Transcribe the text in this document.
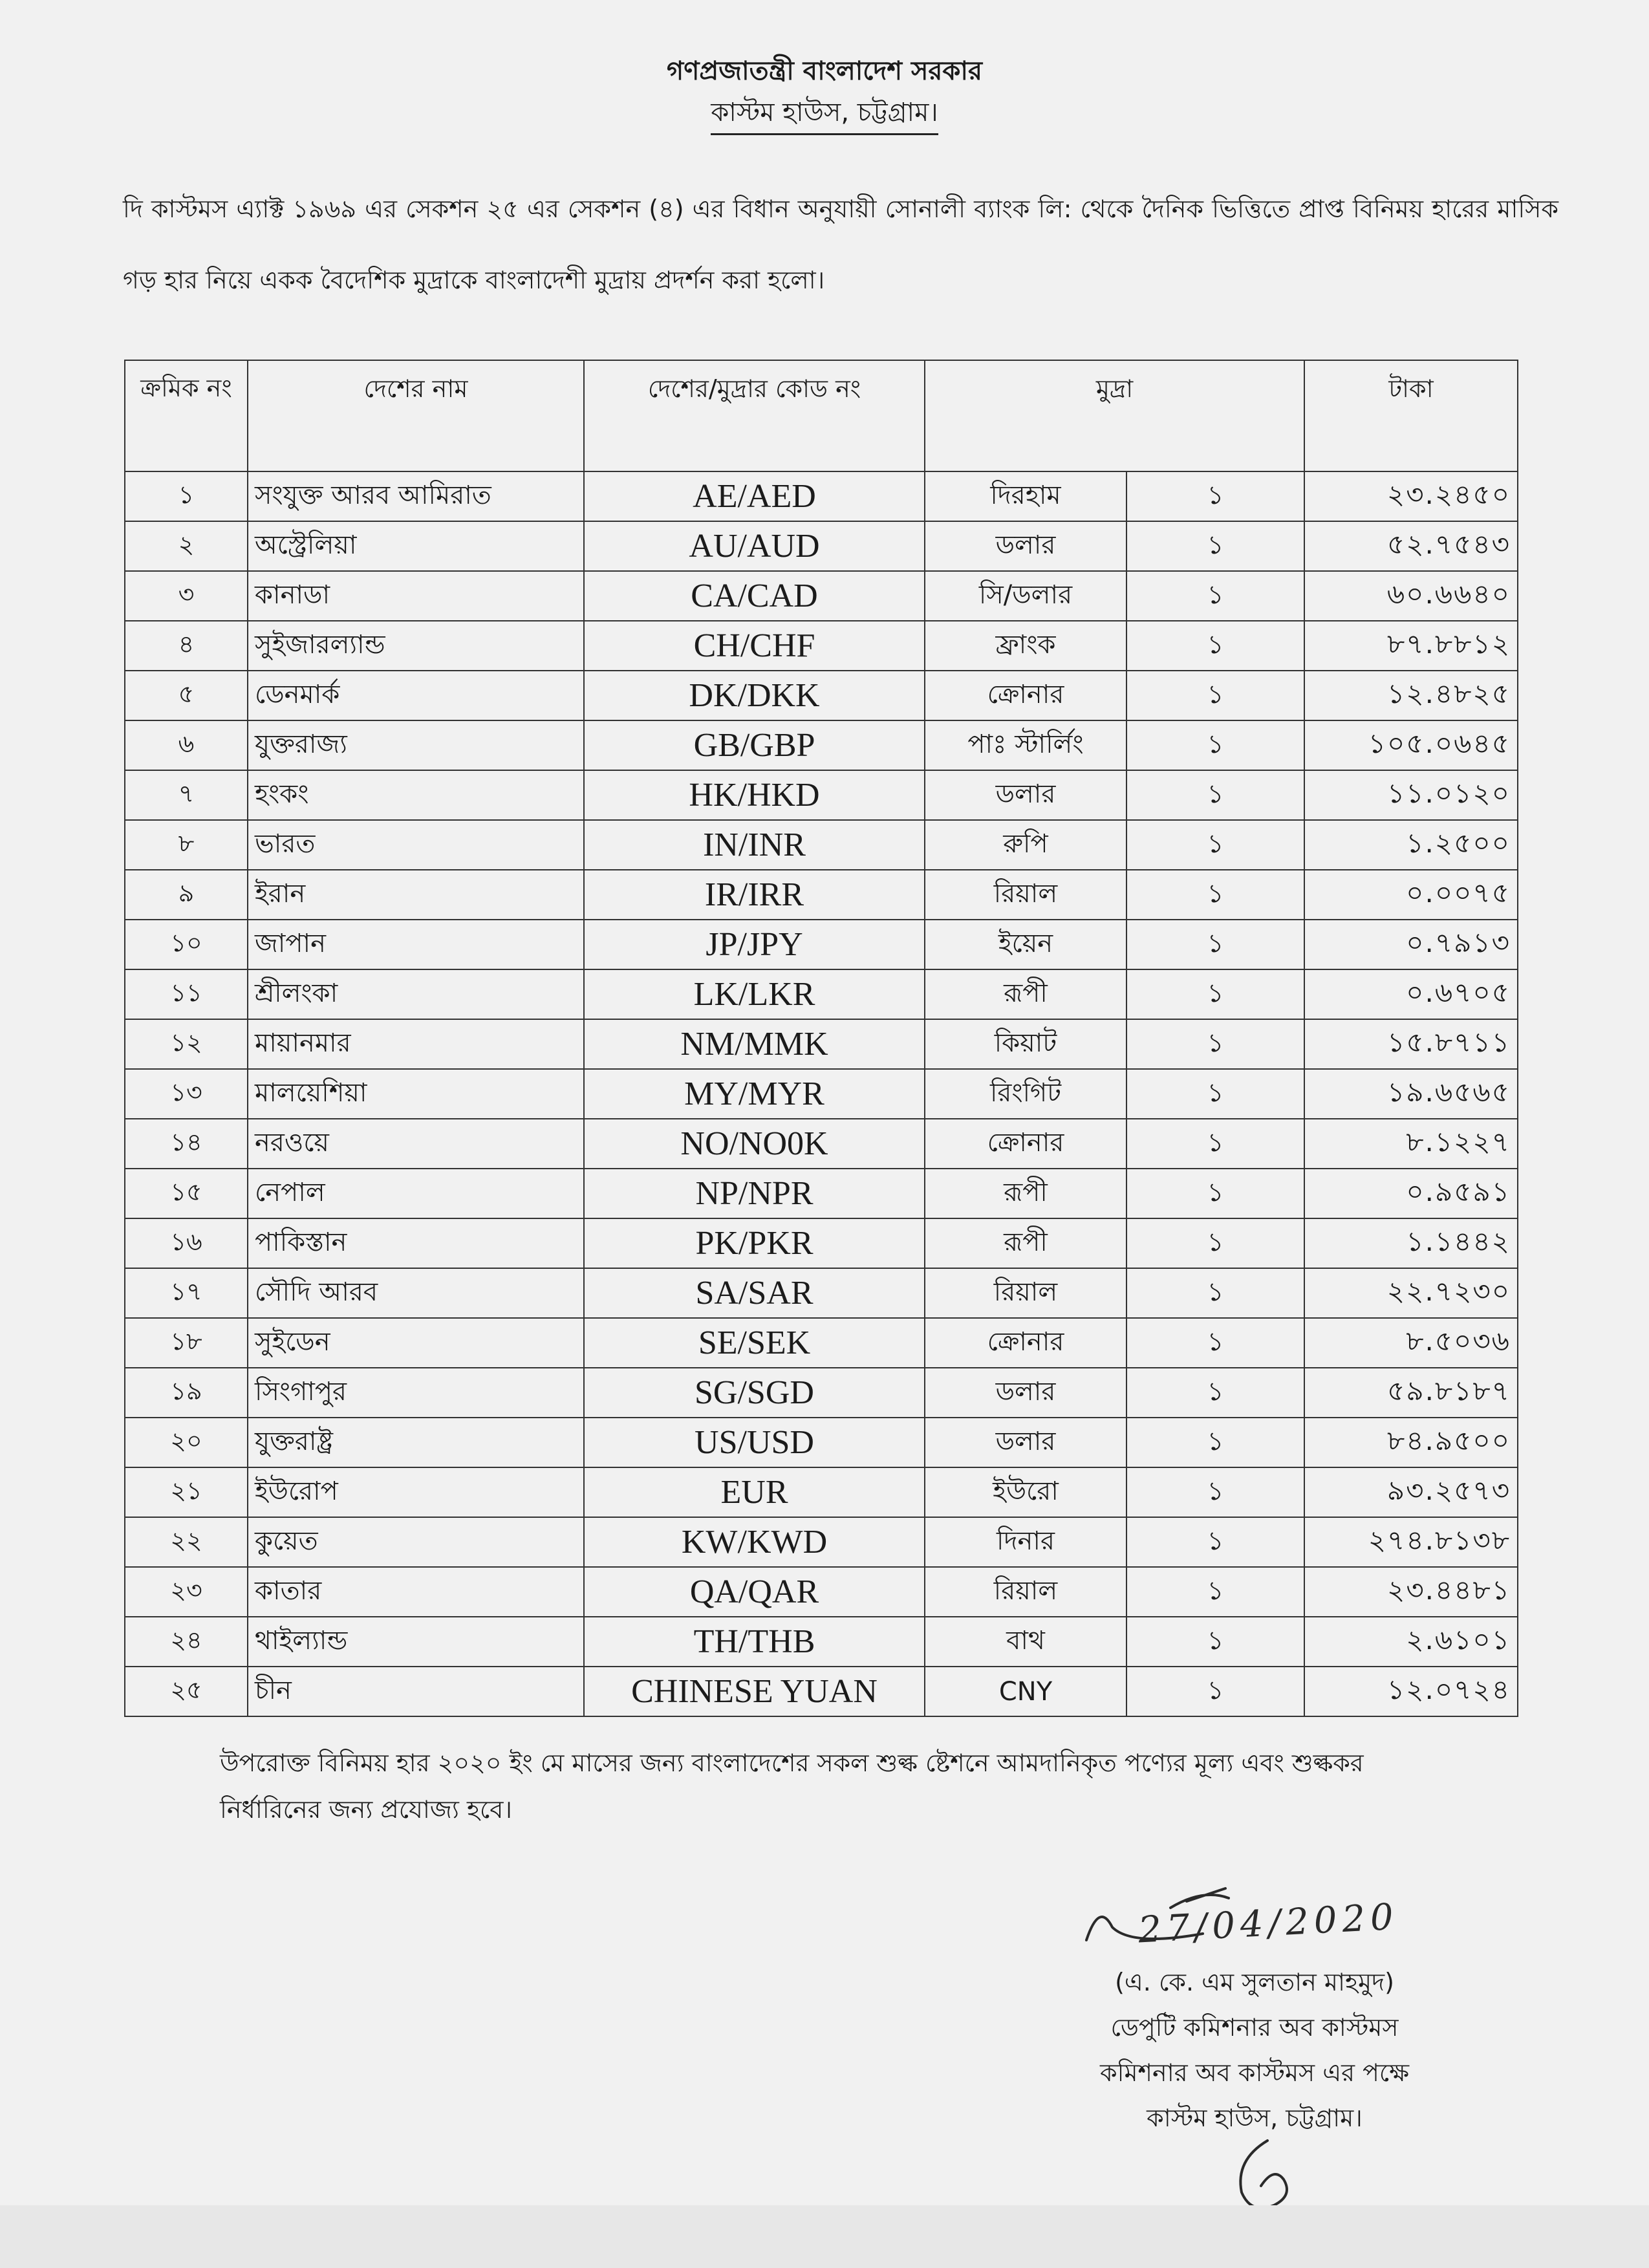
গণপ্রজাতন্ত্রী বাংলাদেশ সরকার
কাস্টম হাউস, চট্টগ্রাম।
দি কাস্টমস এ্যাক্ট ১৯৬৯ এর সেকশন ২৫ এর সেকশন (৪) এর বিধান অনুযায়ী সোনালী ব্যাংক লি: থেকে দৈনিক ভিত্তিতে প্রাপ্ত বিনিময় হারের মাসিক গড় হার নিয়ে একক বৈদেশিক মুদ্রাকে বাংলাদেশী মুদ্রায় প্রদর্শন করা হলো।
ক্রমিক নং	দেশের নাম	দেশের/মুদ্রার কোড নং	মুদ্রা		টাকা
১	সংযুক্ত আরব আমিরাত	AE/AED	দিরহাম	১	২৩.২৪৫০
২	অস্ট্রেলিয়া	AU/AUD	ডলার	১	৫২.৭৫৪৩
৩	কানাডা	CA/CAD	সি/ডলার	১	৬০.৬৬৪০
৪	সুইজারল্যান্ড	CH/CHF	ফ্রাংক	১	৮৭.৮৮১২
৫	ডেনমার্ক	DK/DKK	ক্রোনার	১	১২.৪৮২৫
৬	যুক্তরাজ্য	GB/GBP	পাঃ স্টার্লিং	১	১০৫.০৬৪৫
৭	হংকং	HK/HKD	ডলার	১	১১.০১২০
৮	ভারত	IN/INR	রুপি	১	১.২৫০০
৯	ইরান	IR/IRR	রিয়াল	১	০.০০৭৫
১০	জাপান	JP/JPY	ইয়েন	১	০.৭৯১৩
১১	শ্রীলংকা	LK/LKR	রূপী	১	০.৬৭০৫
১২	মায়ানমার	NM/MMK	কিয়াট	১	১৫.৮৭১১
১৩	মালয়েশিয়া	MY/MYR	রিংগিট	১	১৯.৬৫৬৫
১৪	নরওয়ে	NO/NO0K	ক্রোনার	১	৮.১২২৭
১৫	নেপাল	NP/NPR	রূপী	১	০.৯৫৯১
১৬	পাকিস্তান	PK/PKR	রূপী	১	১.১৪৪২
১৭	সৌদি আরব	SA/SAR	রিয়াল	১	২২.৭২৩০
১৮	সুইডেন	SE/SEK	ক্রোনার	১	৮.৫০৩৬
১৯	সিংগাপুর	SG/SGD	ডলার	১	৫৯.৮১৮৭
২০	যুক্তরাষ্ট্র	US/USD	ডলার	১	৮৪.৯৫০০
২১	ইউরোপ	EUR	ইউরো	১	৯৩.২৫৭৩
২২	কুয়েত	KW/KWD	দিনার	১	২৭৪.৮১৩৮
২৩	কাতার	QA/QAR	রিয়াল	১	২৩.৪৪৮১
২৪	থাইল্যান্ড	TH/THB	বাথ	১	২.৬১০১
২৫	চীন	CHINESE YUAN	CNY	১	১২.০৭২৪
উপরোক্ত বিনিময় হার ২০২০ ইং মে মাসের জন্য বাংলাদেশের সকল শুল্ক ষ্টেশনে আমদানিকৃত পণ্যের মূল্য এবং শুল্ককর নির্ধারিনের জন্য প্রযোজ্য হবে।
27/04/2020
(এ. কে. এম সুলতান মাহমুদ)
ডেপুটি কমিশনার অব কাস্টমস
কমিশনার অব কাস্টমস এর পক্ষে
কাস্টম হাউস, চট্টগ্রাম।
